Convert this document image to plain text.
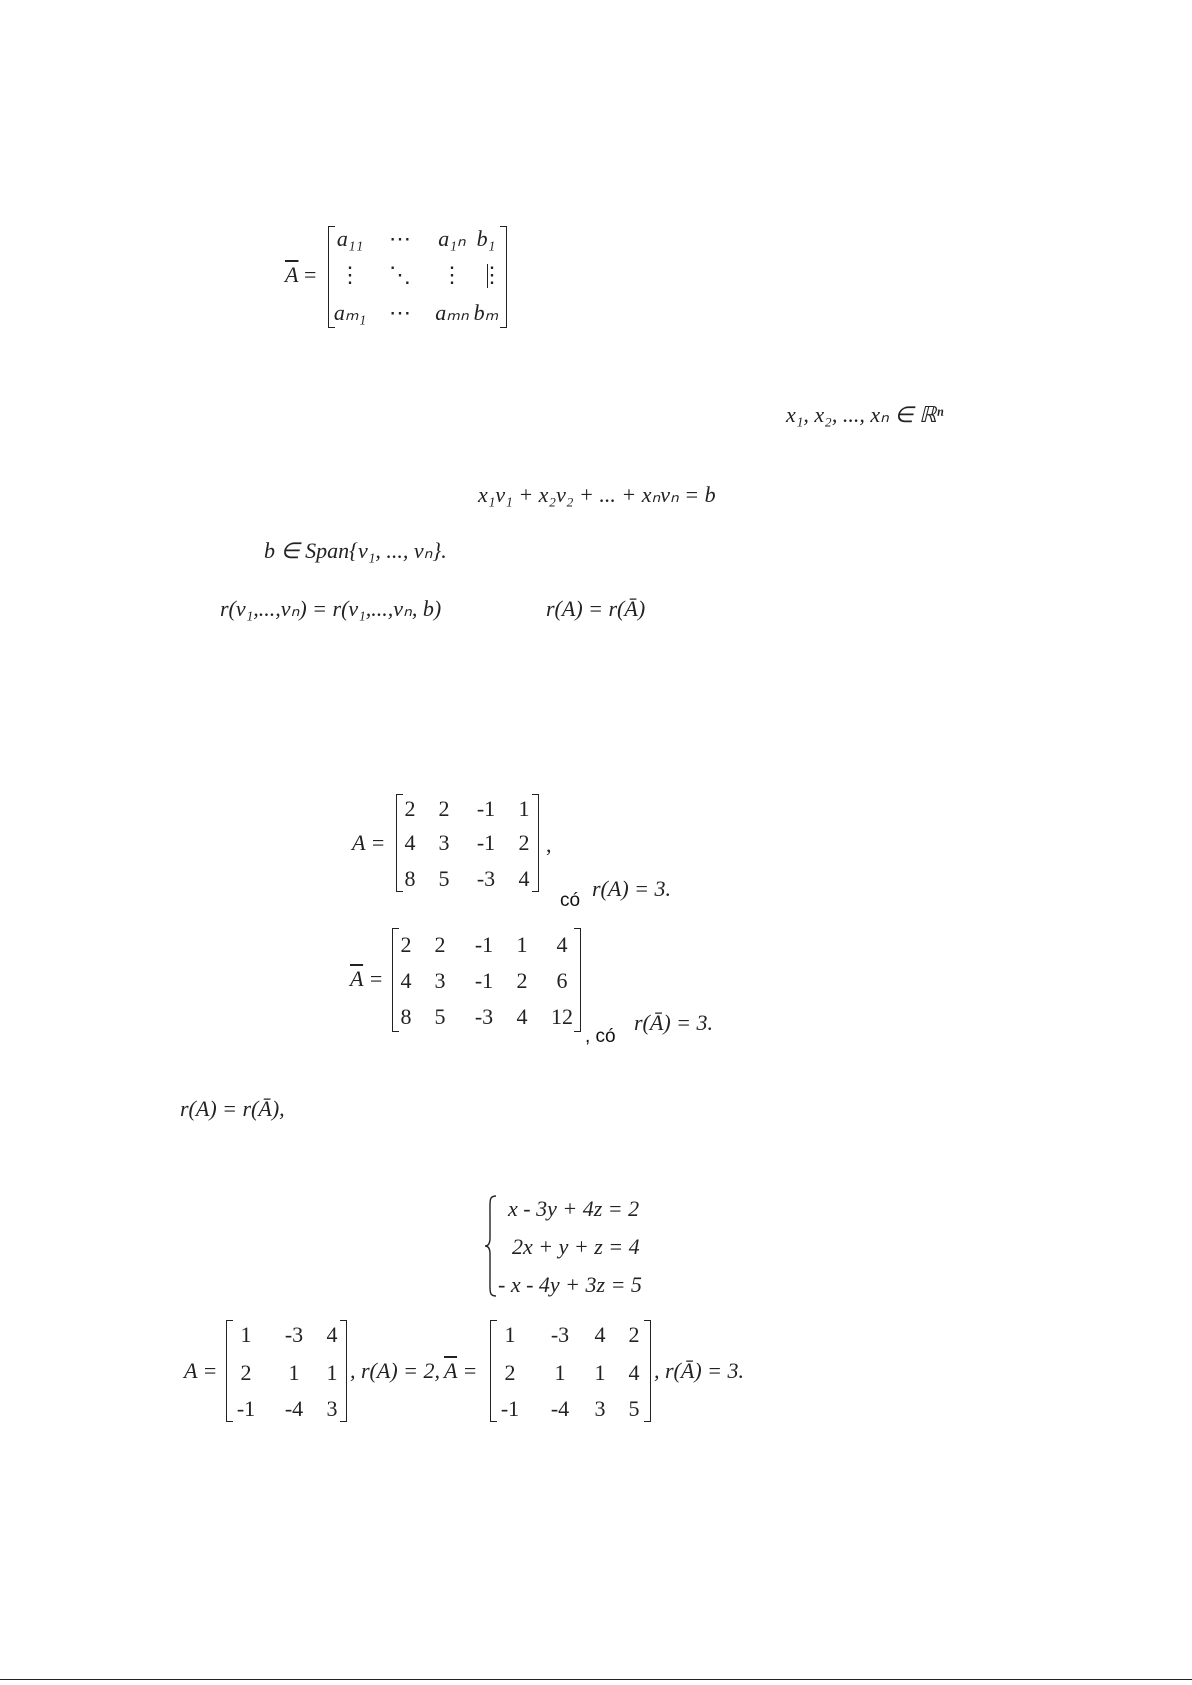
$\overline{A}$ =
a₁₁	⋯	a₁ₙ b₁
⋮	⋱	⋮ ⋮
aₘ₁	⋯	aₘₙ bₘ
x₁, x₂, ..., xₙ ∈ ℝⁿ
x₁v₁ + x₂v₂ + ... + xₙvₙ = b
b ∈ Span{v₁, ..., vₙ}.
r(v₁,...,vₙ) = r(v₁,...,vₙ, b)	r(A) = r(Ā)
A =
2	2	-1	1
4	3	-1	2
8	5	-3	4
,
có r(A) = 3.
$\overline{A}$ =
2	2	-1	1	4
4	3	-1	2	6
8	5	-3	4	12
, có
r(Ā) = 3.
r(A) = r(Ā),
x - 3y + 4z = 2
2x + y + z = 4
- x - 4y + 3z = 5
A =
1	-3	4
2	1	1
-1	-4	3
, r(A) = 2, $\overline{A}$ =
1	-3	4	2
2	1	1	4
-1	-4	3	5
, r(Ā) = 3.
